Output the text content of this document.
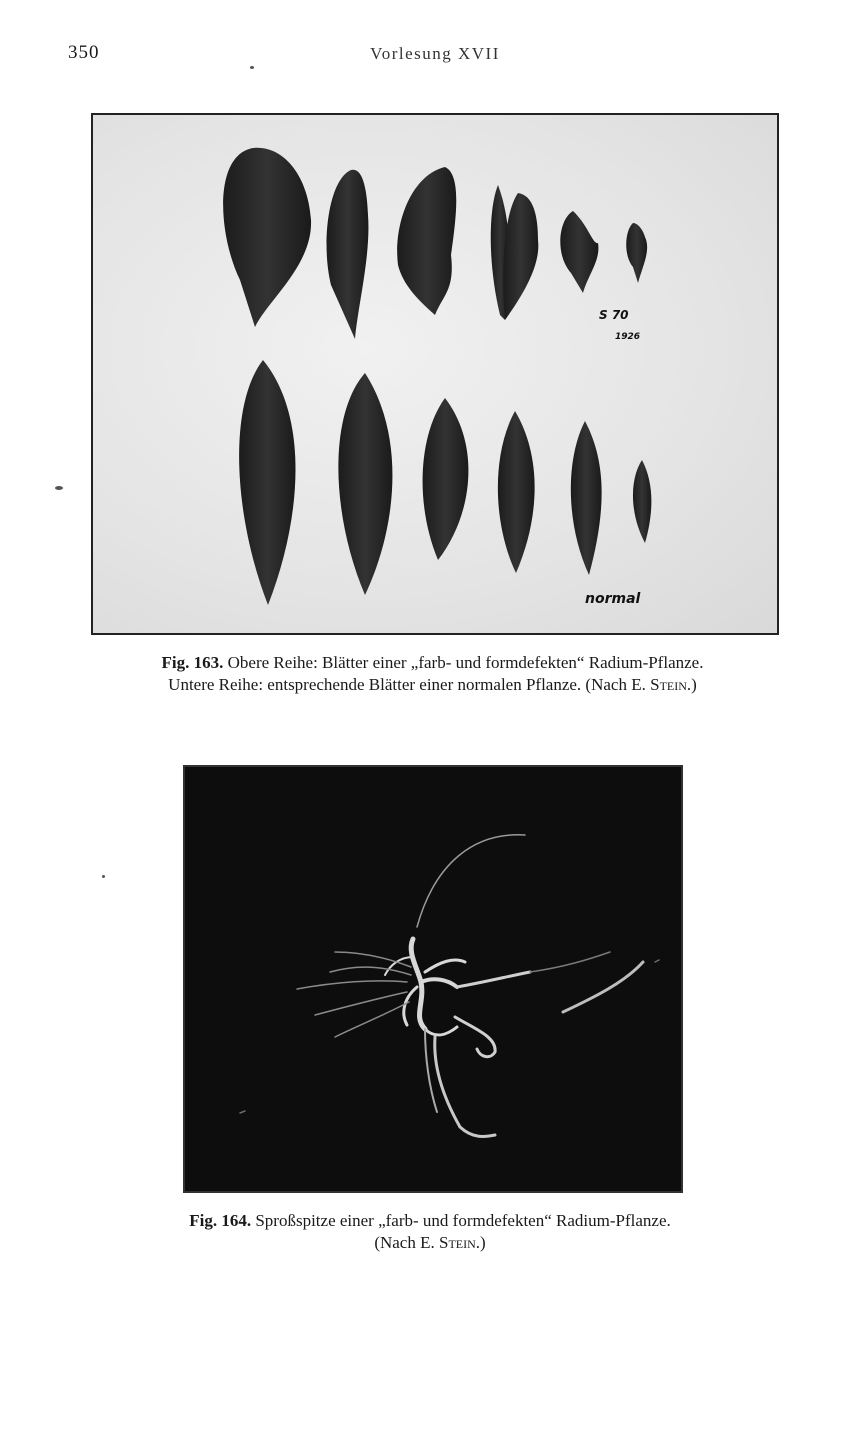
350	Vorlesung XVII
S 70
1926
normal
Fig. 163. Obere Reihe: Blätter einer „farb- und formdefekten“ Radium-Pflanze.
Untere Reihe: entsprechende Blätter einer normalen Pflanze. (Nach E. Stein.)
Fig. 164. Sproßspitze einer „farb- und formdefekten“ Radium-Pflanze.
(Nach E. Stein.)
